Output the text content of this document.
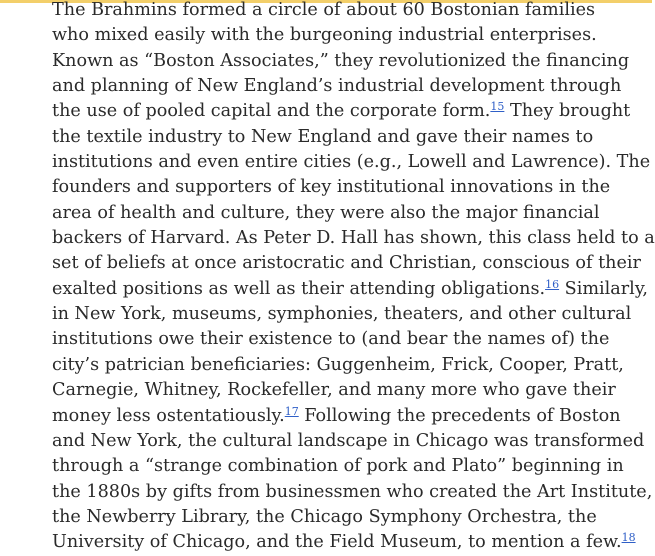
The Brahmins formed a circle of about 60 Bostonian families
who mixed easily with the burgeoning industrial enterprises.
Known as “Boston Associates,” they revolutionized the financing
and planning of New England’s industrial development through
the use of pooled capital and the corporate form.$^{15}$ They brought
the textile industry to New England and gave their names to
institutions and even entire cities (e.g., Lowell and Lawrence). The
founders and supporters of key institutional innovations in the
area of health and culture, they were also the major financial
backers of Harvard. As Peter D. Hall has shown, this class held to a
set of beliefs at once aristocratic and Christian, conscious of their
exalted positions as well as their attending obligations.$^{16}$ Similarly,
in New York, museums, symphonies, theaters, and other cultural
institutions owe their existence to (and bear the names of) the
city’s patrician beneficiaries: Guggenheim, Frick, Cooper, Pratt,
Carnegie, Whitney, Rockefeller, and many more who gave their
money less ostentatiously.$^{17}$ Following the precedents of Boston
and New York, the cultural landscape in Chicago was transformed
through a “strange combination of pork and Plato” beginning in
the 1880s by gifts from businessmen who created the Art Institute,
the Newberry Library, the Chicago Symphony Orchestra, the
University of Chicago, and the Field Museum, to mention a few.$^{18}$
